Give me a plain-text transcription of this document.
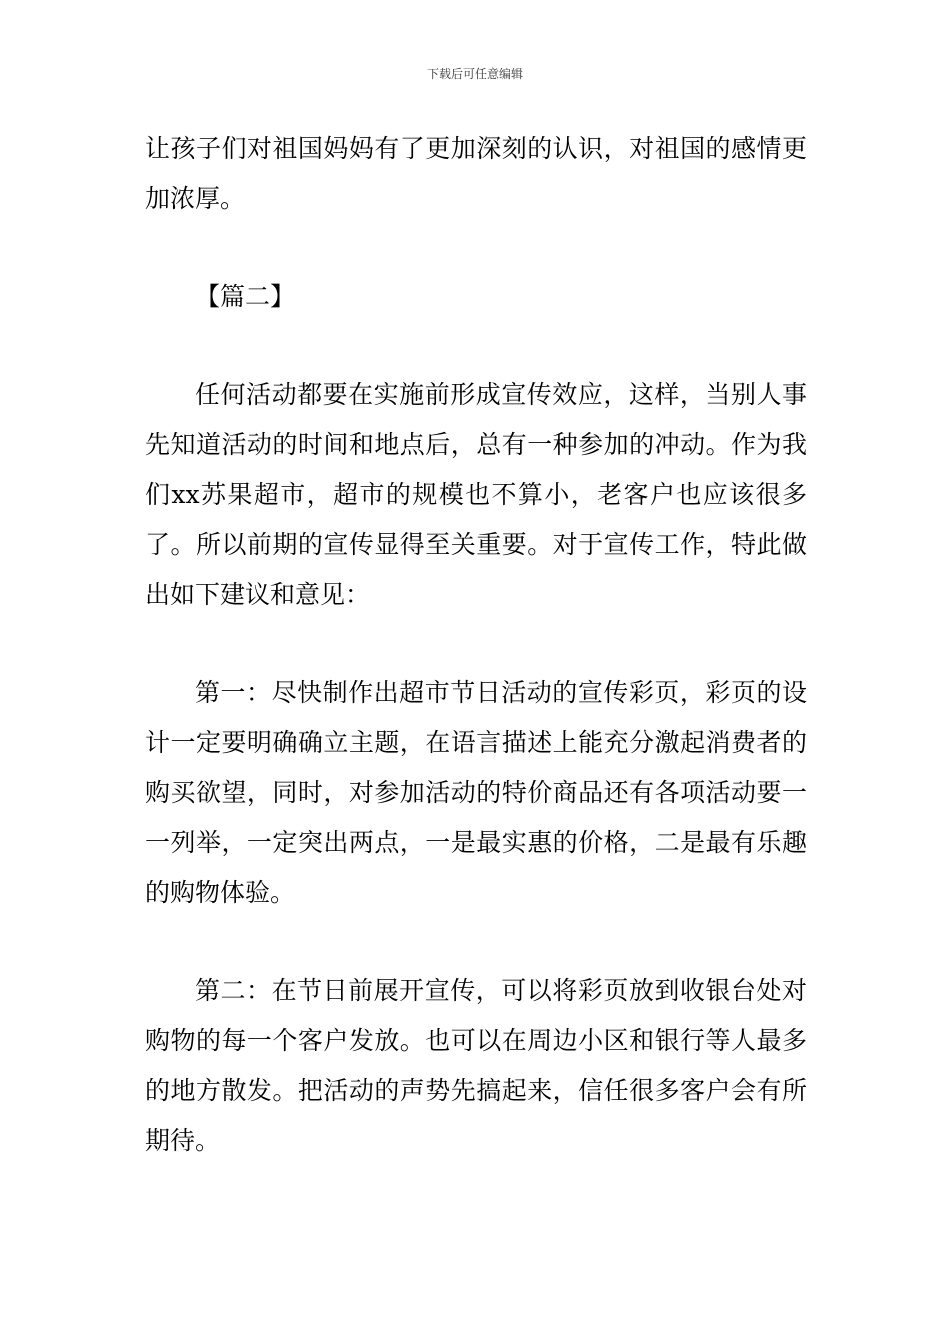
下载后可任意编辑

让孩子们对祖国妈妈有了更加深刻的认识，对祖国的感情更加浓厚。

【篇二】

任何活动都要在实施前形成宣传效应，这样，当别人事先知道活动的时间和地点后，总有一种参加的冲动。作为我们xx苏果超市，超市的规模也不算小，老客户也应该很多了。所以前期的宣传显得至关重要。对于宣传工作，特此做出如下建议和意见：

第一：尽快制作出超市节日活动的宣传彩页，彩页的设计一定要明确确立主题，在语言描述上能充分激起消费者的购买欲望，同时，对参加活动的特价商品还有各项活动要一一列举，一定突出两点，一是最实惠的价格，二是最有乐趣的购物体验。

第二：在节日前展开宣传，可以将彩页放到收银台处对购物的每一个客户发放。也可以在周边小区和银行等人最多的地方散发。把活动的声势先搞起来，信任很多客户会有所期待。
